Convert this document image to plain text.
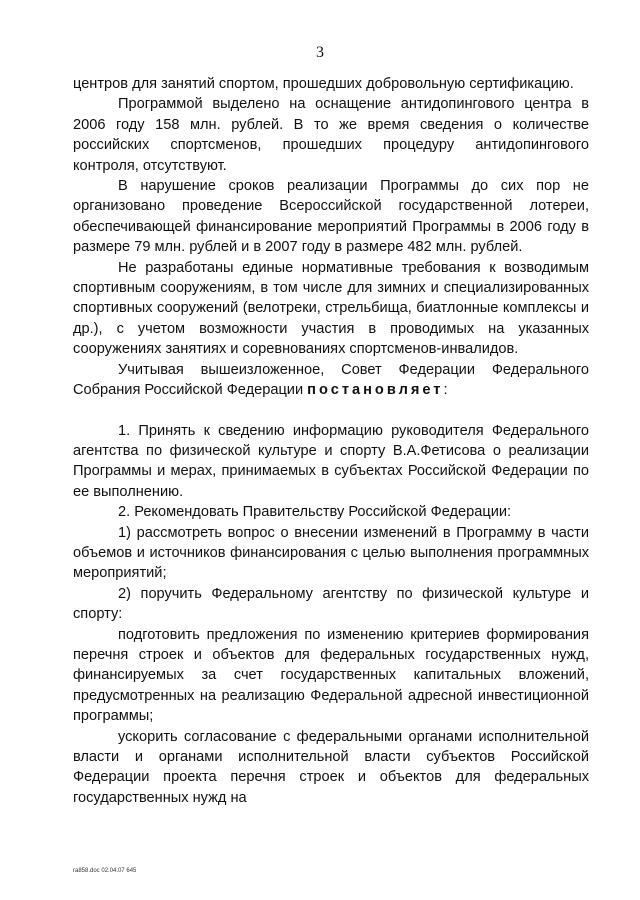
3

центров для занятий спортом, прошедших добровольную сертификацию.

Программой выделено на оснащение антидопингового центра в 2006 году 158 млн. рублей. В то же время сведения о количестве российских спортсменов, прошедших процедуру антидопингового контроля, отсутствуют.

В нарушение сроков реализации Программы до сих пор не организовано проведение Всероссийской государственной лотереи, обеспечивающей финансирование мероприятий Программы в 2006 году в размере 79 млн. рублей и в 2007 году в размере 482 млн. рублей.

Не разработаны единые нормативные требования к возводимым спортивным сооружениям, в том числе для зимних и специализированных спортивных сооружений (велотреки, стрельбища, биатлонные комплексы и др.), с учетом возможности участия в проводимых на указанных сооружениях занятиях и соревнованиях спортсменов-инвалидов.

Учитывая вышеизложенное, Совет Федерации Федерального Собрания Российской Федерации постановляет:

1. Принять к сведению информацию руководителя Федерального агентства по физической культуре и спорту В.А.Фетисова о реализации Программы и мерах, принимаемых в субъектах Российской Федерации по ее выполнению.

2. Рекомендовать Правительству Российской Федерации:

1) рассмотреть вопрос о внесении изменений в Программу в части объемов и источников финансирования с целью выполнения программных мероприятий;

2) поручить Федеральному агентству по физической культуре и спорту:

подготовить предложения по изменению критериев формирования перечня строек и объектов для федеральных государственных нужд, финансируемых за счет государственных капитальных вложений, предусмотренных на реализацию Федеральной адресной инвестиционной программы;

ускорить согласование с федеральными органами исполнительной власти и органами исполнительной власти субъектов Российской Федерации проекта перечня строек и объектов для федеральных государственных нужд на

ra858.doc 02.04.07 645
